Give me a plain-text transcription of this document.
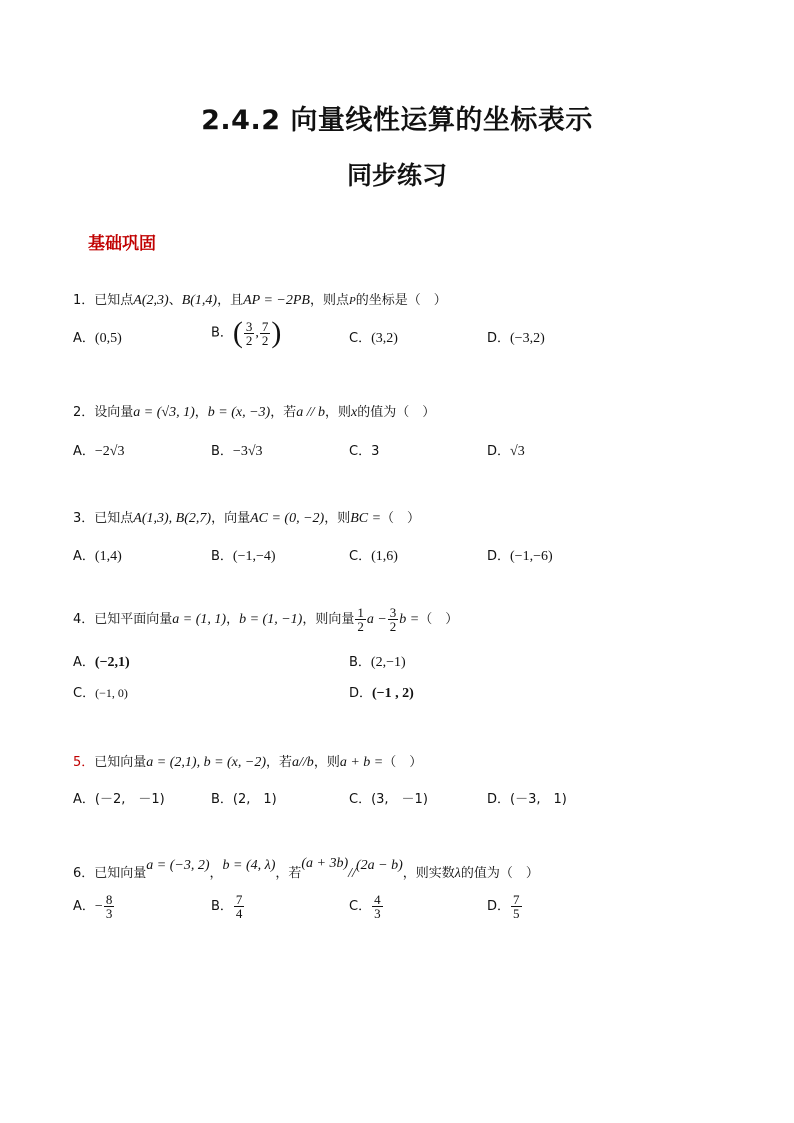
2.4.2 向量线性运算的坐标表示
同步练习
基础巩固
1．已知点A(2,3)、B(1,4)，且AP = −2PB，则点P的坐标是（　）
A．(0,5)	B．( $\frac{3}{2}$ , $\frac{7}{2}$ )	C．(3,2)	D．(−3,2)
2．设向量a = (√3, 1)，b = (x, −3)，若a // b，则x的值为（　）
A．−2√3	B．−3√3	C．3	D．√3
3．已知点A(1,3), B(2,7)，向量AC = (0, −2)，则BC =（　）
A．(1,4)	B．(−1,−4)	C．(1,6)	D．(−1,−6)
4．已知平面向量a = (1, 1)，b = (1, −1)，则向量 $\frac{1}{2}$ $a - \frac{3}{2}$ b =（　）
A．(−2,1)	B．(2,−1)
C．(−1, 0)	D．(−1 , 2)
5．已知向量a = (2,1), b = (x, −2)，若a//b，则a + b =（　）
A．(－2,　－1)	B．(2,　1)	C．(3,　－1)	D．(－3,　1)
6．已知向量a = (−3, 2)，b = (4, λ)，若(a + 3b)//(2a − b)，则实数λ的值为（　）
A．− $\frac{8}{3}$	B． $\frac{7}{4}$	C． $\frac{4}{3}$	D． $\frac{7}{5}$
